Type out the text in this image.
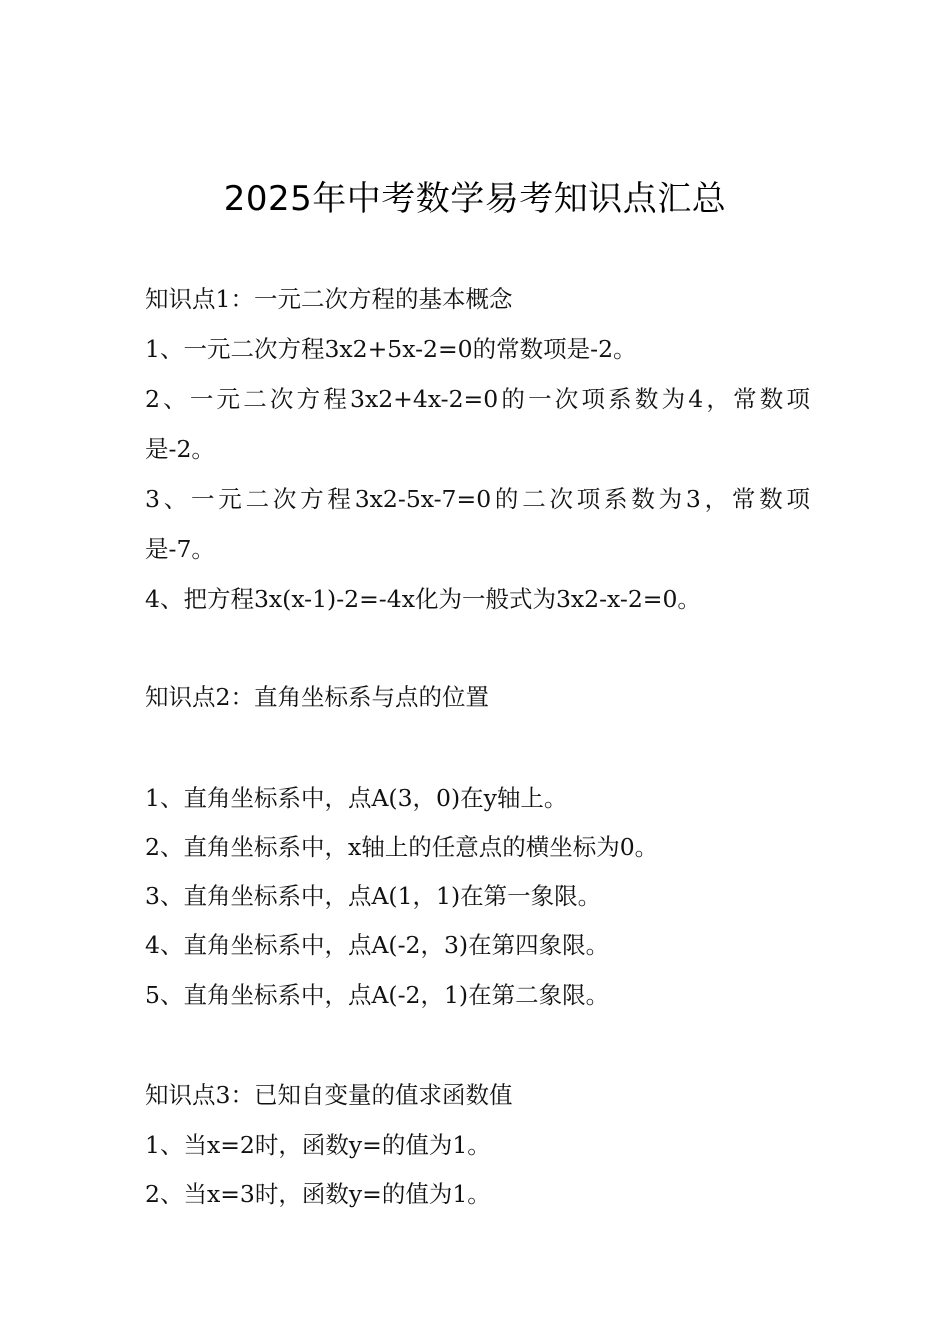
2025年中考数学易考知识点汇总
知识点1：一元二次方程的基本概念
1、一元二次方程3x2+5x-2=0的常数项是-2。
2、一元二次方程3x2+4x-2=0的一次项系数为4，常数项
是-2。
3、一元二次方程3x2-5x-7=0的二次项系数为3，常数项
是-7。
4、把方程3x(x-1)-2=-4x化为一般式为3x2-x-2=0。
知识点2：直角坐标系与点的位置
1、直角坐标系中，点A(3，0)在y轴上。
2、直角坐标系中，x轴上的任意点的横坐标为0。
3、直角坐标系中，点A(1，1)在第一象限。
4、直角坐标系中，点A(-2，3)在第四象限。
5、直角坐标系中，点A(-2，1)在第二象限。
知识点3：已知自变量的值求函数值
1、当x=2时，函数y=的值为1。
2、当x=3时，函数y=的值为1。
